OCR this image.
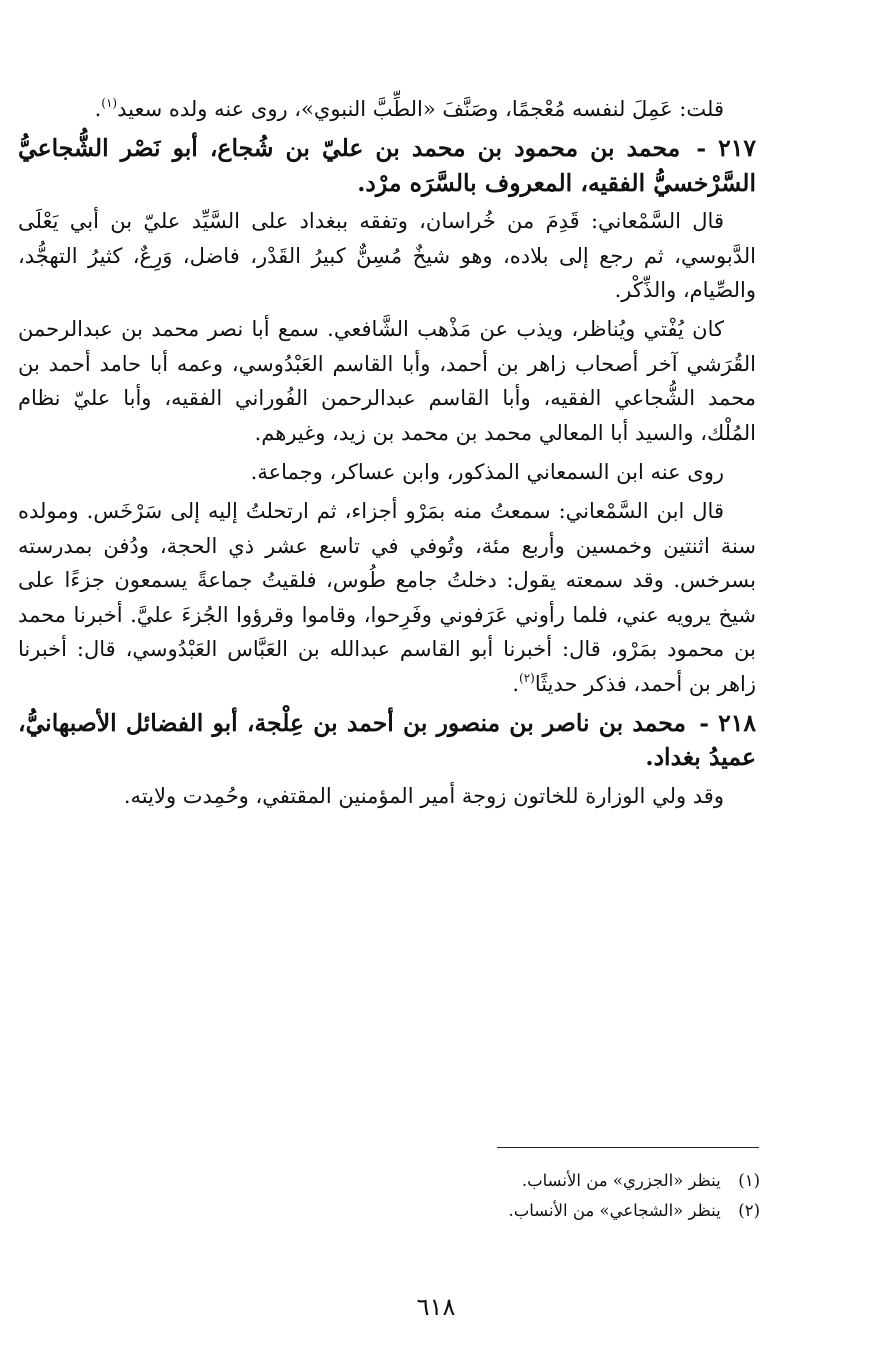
قلت: عَمِلَ لنفسه مُعْجمًا، وصَنَّفَ «الطِّبَّ النبوي»، روى عنه ولده سعيد$^{(١)}$.

٢١٧ - محمد بن محمود بن محمد بن عليّ بن شُجاع، أبو نَصْر الشُّجاعيُّ السَّرْخسيُّ الفقيه، المعروف بالسَّرَه مرْد.

قال السَّمْعاني: قَدِمَ من خُراسان، وتفقه ببغداد على السَّيِّد عليّ بن أبي يَعْلَى الدَّبوسي، ثم رجع إلى بلاده، وهو شيخٌ مُسِنٌّ كبيرُ القَدْر، فاضل، وَرِعٌ، كثيرُ التهجُّد، والصِّيام، والذِّكْر.

كان يُفْتي ويُناظر، ويذب عن مَذْهب الشَّافعي. سمع أبا نصر محمد بن عبدالرحمن القُرَشي آخر أصحاب زاهر بن أحمد، وأبا القاسم العَبْدُوسي، وعمه أبا حامد أحمد بن محمد الشُّجاعي الفقيه، وأبا القاسم عبدالرحمن الفُوراني الفقيه، وأبا عليّ نظام المُلْك، والسيد أبا المعالي محمد بن محمد بن زيد، وغيرهم.

روى عنه ابن السمعاني المذكور، وابن عساكر، وجماعة.

قال ابن السَّمْعاني: سمعتُ منه بمَرْو أجزاء، ثم ارتحلتُ إليه إلى سَرْخَس. ومولده سنة اثنتين وخمسين وأربع مئة، وتُوفي في تاسع عشر ذي الحجة، ودُفن بمدرسته بسرخس. وقد سمعته يقول: دخلتُ جامع طُوس، فلقيتُ جماعةً يسمعون جزءًا على شيخ يرويه عني، فلما رأوني عَرَفوني وفَرِحوا، وقاموا وقرؤوا الجُزءَ عليَّ. أخبرنا محمد بن محمود بمَرْو، قال: أخبرنا أبو القاسم عبدالله بن العَبَّاس العَبْدُوسي، قال: أخبرنا زاهر بن أحمد، فذكر حديثًا$^{(٢)}$.

٢١٨ - محمد بن ناصر بن منصور بن أحمد بن عِلْجة، أبو الفضائل الأصبهانيُّ، عميدُ بغداد.

وقد ولي الوزارة للخاتون زوجة أمير المؤمنين المقتفي، وحُمِدت ولايته.

(١) ينظر «الجزري» من الأنساب.
(٢) ينظر «الشجاعي» من الأنساب.
٦١٨
